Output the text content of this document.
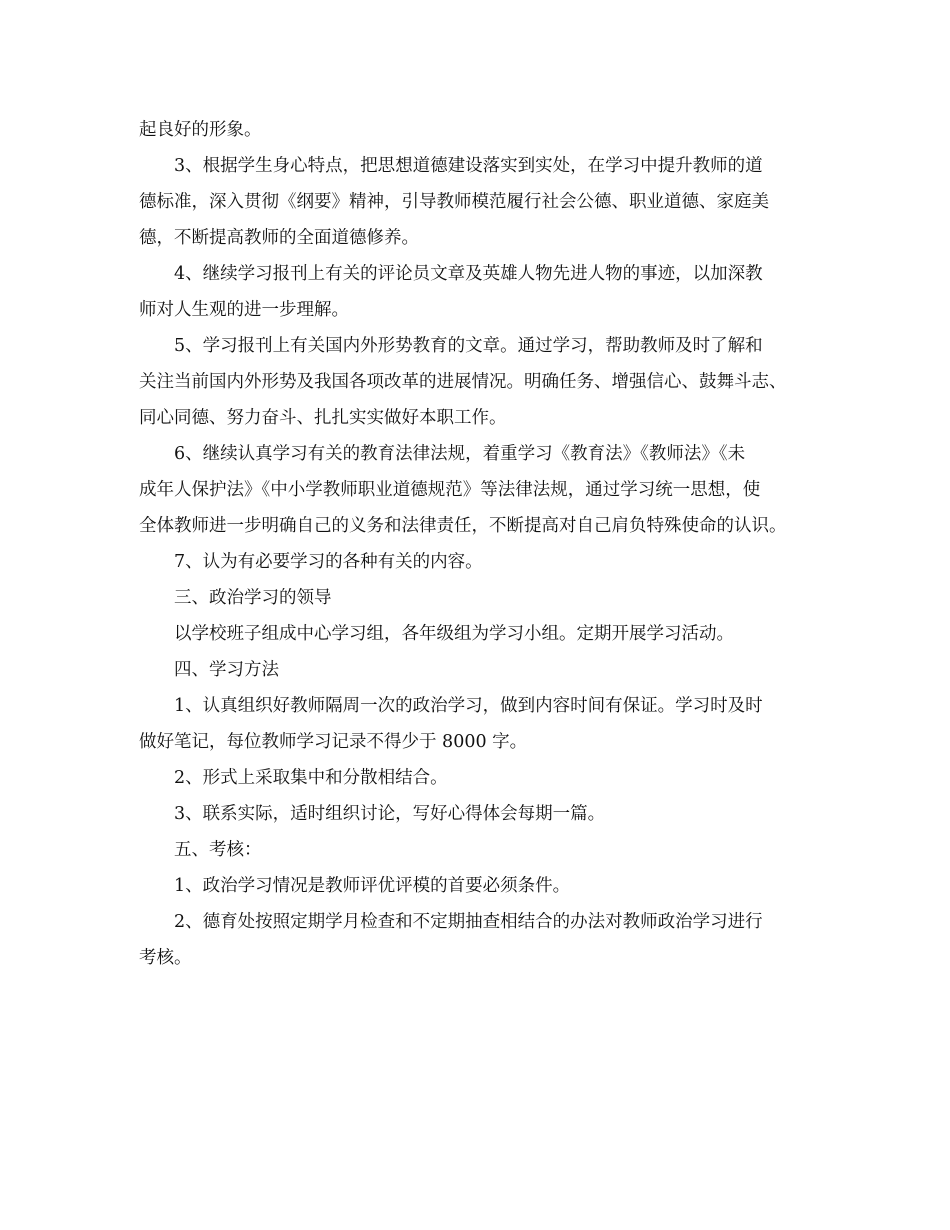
起良好的形象。
3、根据学生身心特点，把思想道德建设落实到实处，在学习中提升教师的道
德标准，深入贯彻《纲要》精神，引导教师模范履行社会公德、职业道德、家庭美
德，不断提高教师的全面道德修养。
4、继续学习报刊上有关的评论员文章及英雄人物先进人物的事迹，以加深教
师对人生观的进一步理解。
5、学习报刊上有关国内外形势教育的文章。通过学习，帮助教师及时了解和
关注当前国内外形势及我国各项改革的进展情况。明确任务、增强信心、鼓舞斗志、
同心同德、努力奋斗、扎扎实实做好本职工作。
6、继续认真学习有关的教育法律法规，着重学习《教育法》《教师法》《未
成年人保护法》《中小学教师职业道德规范》等法律法规，通过学习统一思想，使
全体教师进一步明确自己的义务和法律责任，不断提高对自己肩负特殊使命的认识。
7、认为有必要学习的各种有关的内容。
三、政治学习的领导
以学校班子组成中心学习组，各年级组为学习小组。定期开展学习活动。
四、学习方法
1、认真组织好教师隔周一次的政治学习，做到内容时间有保证。学习时及时
做好笔记，每位教师学习记录不得少于 8000 字。
2、形式上采取集中和分散相结合。
3、联系实际，适时组织讨论，写好心得体会每期一篇。
五、考核：
1、政治学习情况是教师评优评模的首要必须条件。
2、德育处按照定期学月检查和不定期抽查相结合的办法对教师政治学习进行
考核。
